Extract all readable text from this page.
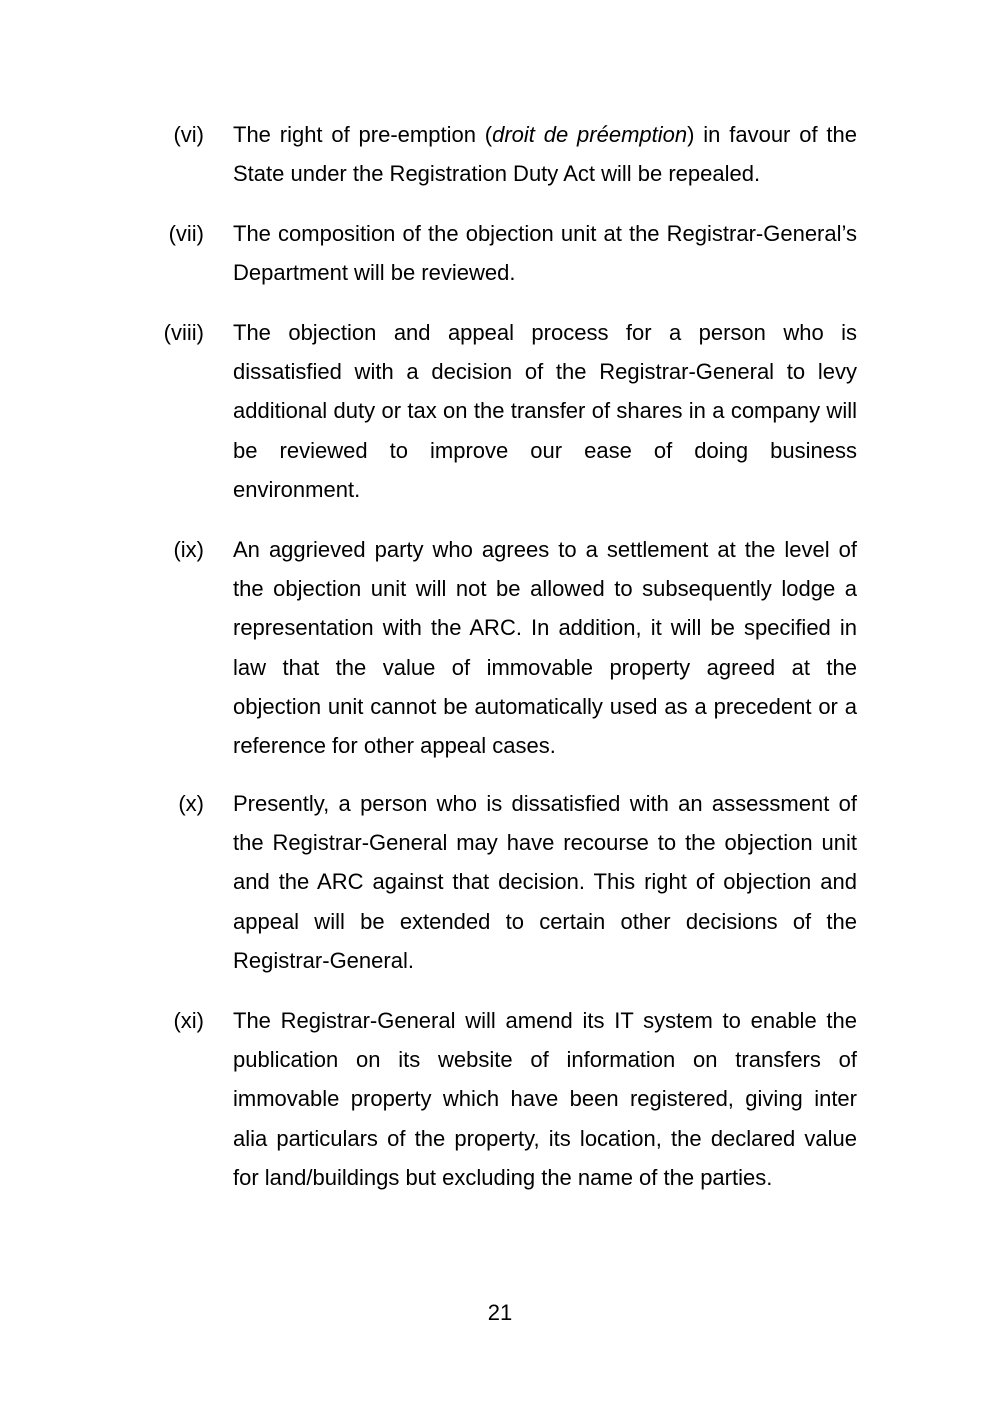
(vi) The right of pre-emption (droit de préemption) in favour of the State under the Registration Duty Act will be repealed.

(vii) The composition of the objection unit at the Registrar-General’s Department will be reviewed.

(viii) The objection and appeal process for a person who is dissatisfied with a decision of the Registrar-General to levy additional duty or tax on the transfer of shares in a company will be reviewed to improve our ease of doing business environment.

(ix) An aggrieved party who agrees to a settlement at the level of the objection unit will not be allowed to subsequently lodge a representation with the ARC. In addition, it will be specified in law that the value of immovable property agreed at the objection unit cannot be automatically used as a precedent or a reference for other appeal cases.

(x) Presently, a person who is dissatisfied with an assessment of the Registrar-General may have recourse to the objection unit and the ARC against that decision. This right of objection and appeal will be extended to certain other decisions of the Registrar-General.

(xi) The Registrar-General will amend its IT system to enable the publication on its website of information on transfers of immovable property which have been registered, giving inter alia particulars of the property, its location, the declared value for land/buildings but excluding the name of the parties.

21
